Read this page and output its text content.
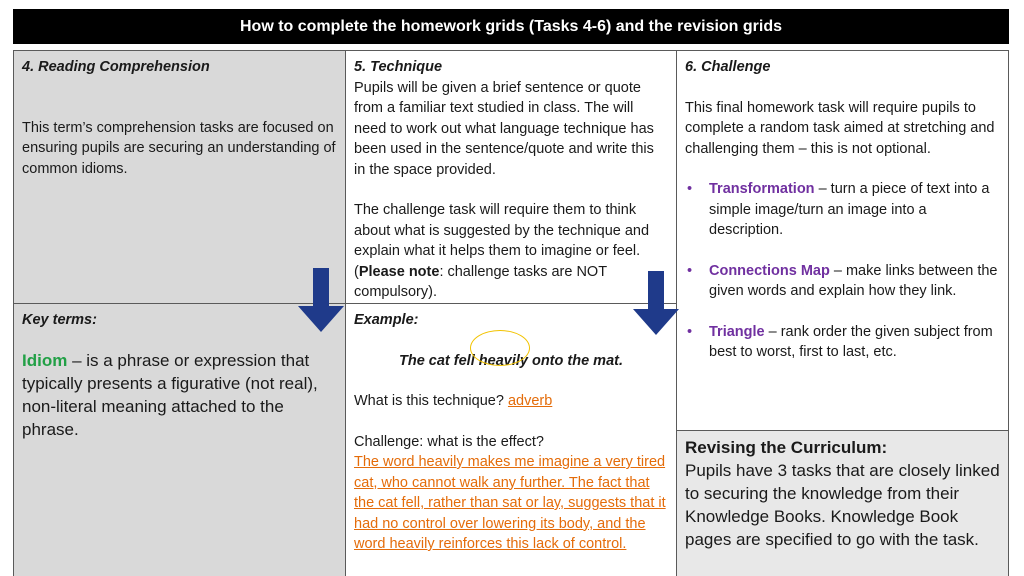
How to complete the homework grids (Tasks 4-6) and the revision grids

4. Reading Comprehension

This term’s comprehension tasks are focused on ensuring pupils are securing an understanding of common idioms.

5. Technique

Pupils will be given a brief sentence or quote from a familiar text studied in class. The will need to work out what language technique has been used in the sentence/quote and write this in the space provided.

The challenge task will require them to think about what is suggested by the technique and explain what it helps them to imagine or feel. (Please note: challenge tasks are NOT compulsory).

6. Challenge

This final homework task will require pupils to complete a random task aimed at stretching and challenging them – this is not optional.

• Transformation – turn a piece of text into a simple image/turn an image into a description.
• Connections Map – make links between the given words and explain how they link.
• Triangle – rank order the given subject from best to worst, first to last, etc.

Key terms:

Idiom – is a phrase or expression that typically presents a figurative (not real), non-literal meaning attached to the phrase.

Example:

The cat fell heavily onto the mat.

What is this technique? adverb

Challenge: what is the effect?

The word heavily makes me imagine a very tired cat, who cannot walk any further. The fact that the cat fell, rather than sat or lay, suggests that it had no control over lowering its body, and the word heavily reinforces this lack of control.

Revising the Curriculum:

Pupils have 3 tasks that are closely linked to securing the knowledge from their Knowledge Books. Knowledge Book pages are specified to go with the task.
